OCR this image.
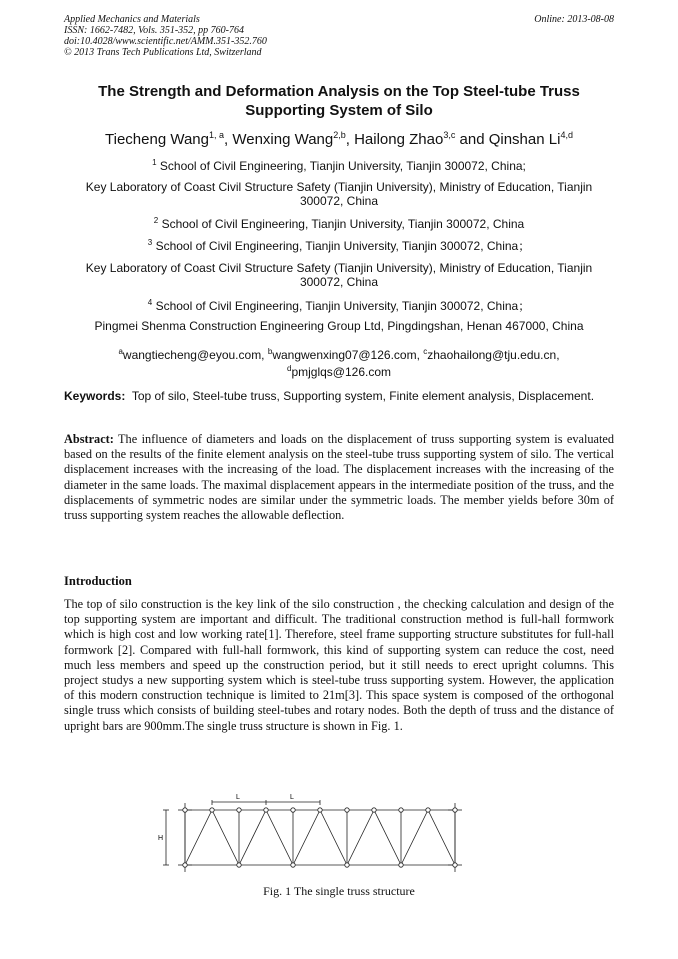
Applied Mechanics and Materials
ISSN: 1662-7482, Vols. 351-352, pp 760-764
doi:10.4028/www.scientific.net/AMM.351-352.760
© 2013 Trans Tech Publications Ltd, Switzerland
Online: 2013-08-08
The Strength and Deformation Analysis on the Top Steel-tube Truss
Supporting System of Silo
Tiecheng Wang$^{1, a}$, Wenxing Wang$^{2,b}$, Hailong Zhao$^{3,c}$ and Qinshan Li$^{4,d}$
$^1$ School of Civil Engineering, Tianjin University, Tianjin 300072, China;
Key Laboratory of Coast Civil Structure Safety (Tianjin University), Ministry of Education, Tianjin 300072, China
$^2$ School of Civil Engineering, Tianjin University, Tianjin 300072, China
$^3$ School of Civil Engineering, Tianjin University, Tianjin 300072, China；
Key Laboratory of Coast Civil Structure Safety (Tianjin University), Ministry of Education, Tianjin 300072, China
$^4$ School of Civil Engineering, Tianjin University, Tianjin 300072, China；
Pingmei Shenma Construction Engineering Group Ltd, Pingdingshan, Henan 467000, China
$^a$wangtiecheng@eyou.com, $^b$wangwenxing07@126.com, $^c$zhaohailong@tju.edu.cn,
$^d$pmjglqs@126.com
Keywords: Top of silo, Steel-tube truss, Supporting system, Finite element analysis, Displacement.
Abstract: The influence of diameters and loads on the displacement of truss supporting system is evaluated based on the results of the finite element analysis on the steel-tube truss supporting system of silo. The vertical displacement increases with the increasing of the load. The displacement increases with the increasing of the diameter in the same loads. The maximal displacement appears in the intermediate position of the truss, and the displacements of symmetric nodes are similar under the symmetric loads. The member yields before 30m of truss supporting system reaches the allowable deflection.
Introduction
The top of silo construction is the key link of the silo construction , the checking calculation and design of the top supporting system are important and difficult. The traditional construction method is full-hall formwork which is high cost and low working rate[1]. Therefore, steel frame supporting structure substitutes for full-hall formwork [2]. Compared with full-hall formwork, this kind of supporting system can reduce the cost, need much less members and speed up the construction period, but it still needs to erect upright columns. This project studys a new supporting system which is steel-tube truss supporting system. However, the application of this modern construction technique is limited to 21m[3]. This space system is composed of the orthogonal single truss which consists of building steel-tubes and rotary nodes. Both the depth of truss and the distance of upright bars are 900mm.The single truss structure is shown in Fig. 1.
L	L
H
Fig. 1 The single truss structure
